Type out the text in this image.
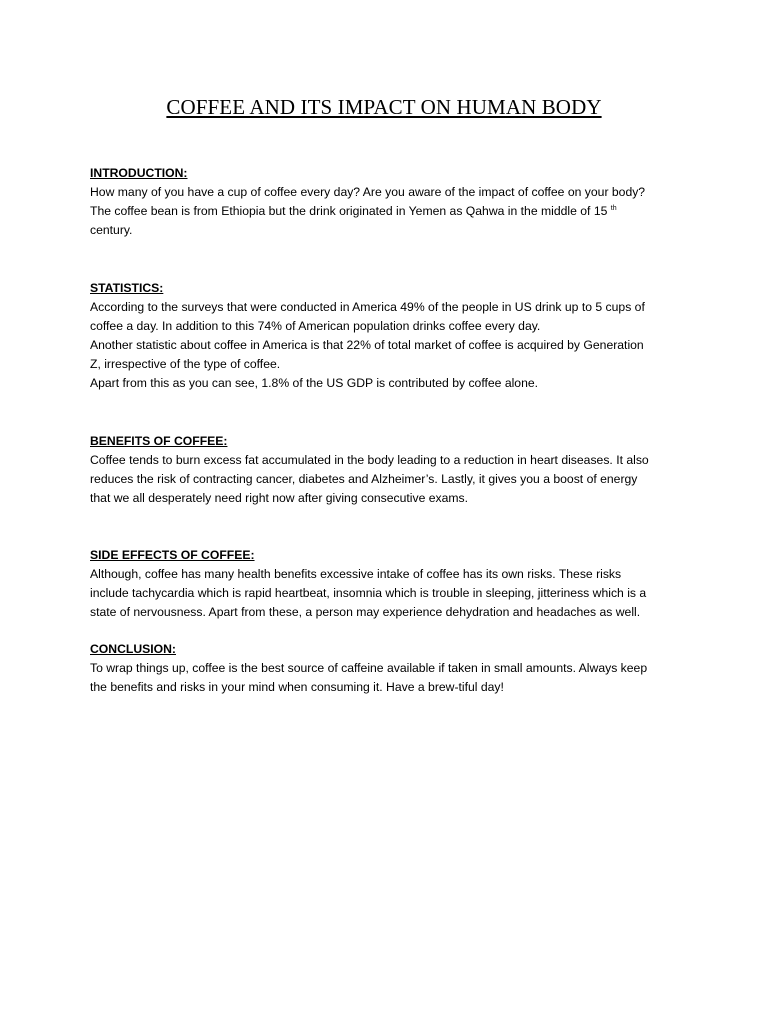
COFFEE AND ITS IMPACT ON HUMAN BODY
INTRODUCTION:
How many of you have a cup of coffee every day? Are you aware of the impact of coffee on your body?
The coffee bean is from Ethiopia but the drink originated in Yemen as Qahwa in the middle of 15 $^{th}$
century.
STATISTICS:
According to the surveys that were conducted in America 49% of the people in US drink up to 5 cups of
coffee a day. In addition to this 74% of American population drinks coffee every day.
Another statistic about coffee in America is that 22% of total market of coffee is acquired by Generation
Z, irrespective of the type of coffee.
Apart from this as you can see, 1.8% of the US GDP is contributed by coffee alone.
BENEFITS OF COFFEE:
Coffee tends to burn excess fat accumulated in the body leading to a reduction in heart diseases. It also
reduces the risk of contracting cancer, diabetes and Alzheimer’s. Lastly, it gives you a boost of energy
that we all desperately need right now after giving consecutive exams.
SIDE EFFECTS OF COFFEE:
Although, coffee has many health benefits excessive intake of coffee has its own risks. These risks
include tachycardia which is rapid heartbeat, insomnia which is trouble in sleeping, jitteriness which is a
state of nervousness. Apart from these, a person may experience dehydration and headaches as well.
CONCLUSION:
To wrap things up, coffee is the best source of caffeine available if taken in small amounts. Always keep
the benefits and risks in your mind when consuming it. Have a brew-tiful day!
